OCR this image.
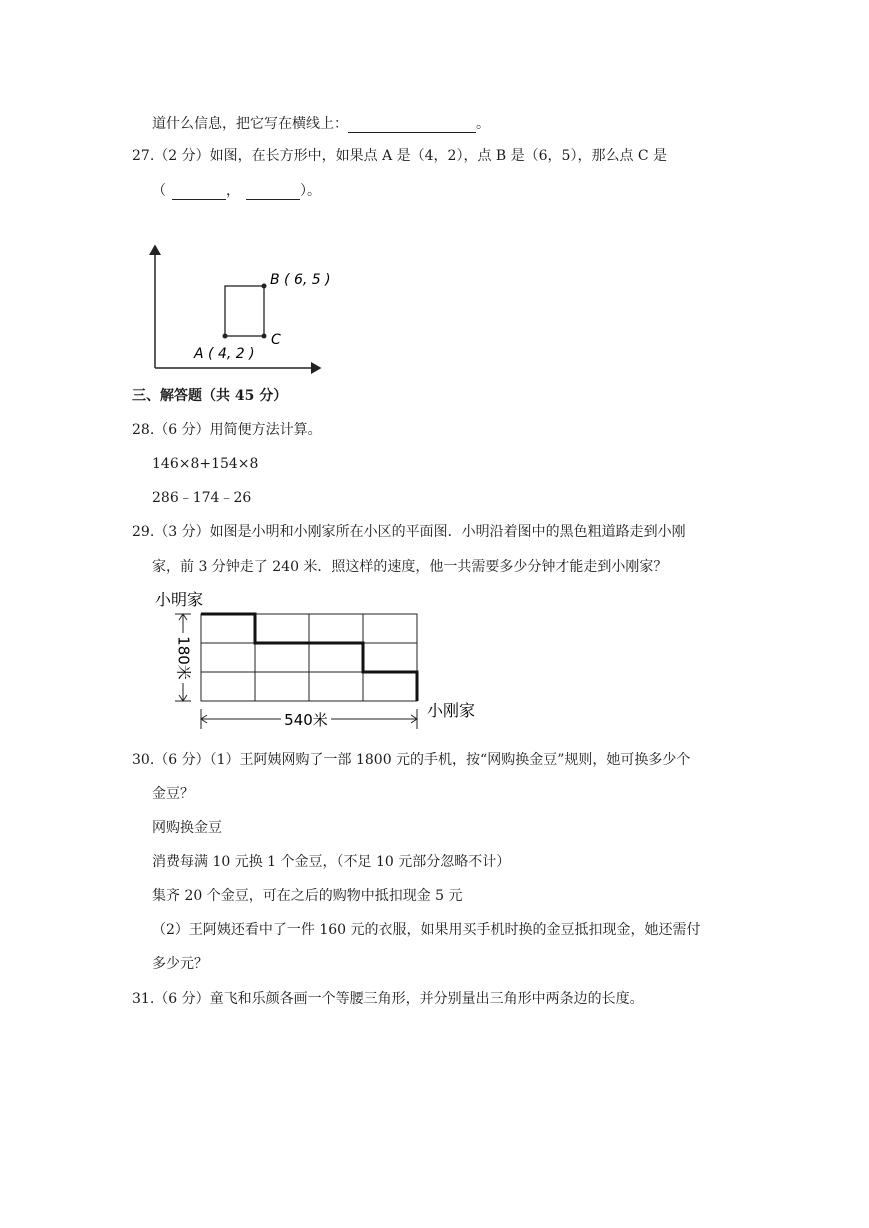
道什么信息，把它写在横线上：	。
27.（2 分）如图，在长方形中，如果点 A 是（4，2），点 B 是（6，5），那么点 C 是
（	，	）。
B ( 6, 5 )
C
A ( 4, 2 )
三、解答题（共 45 分）
28.（6 分）用简便方法计算。
146×8+154×8
286﹣174﹣26
29.（3 分）如图是小明和小刚家所在小区的平面图．小明沿着图中的黑色粗道路走到小刚
家，前 3 分钟走了 240 米．照这样的速度，他一共需要多少分钟才能走到小刚家？
小明家
180米
540米	小刚家
30.（6 分）（1）王阿姨网购了一部 1800 元的手机，按“网购换金豆”规则，她可换多少个
金豆？
网购换金豆
消费每满 10 元换 1 个金豆，（不足 10 元部分忽略不计）
集齐 20 个金豆，可在之后的购物中抵扣现金 5 元
（2）王阿姨还看中了一件 160 元的衣服，如果用买手机时换的金豆抵扣现金，她还需付
多少元？
31.（6 分）童飞和乐颜各画一个等腰三角形，并分别量出三角形中两条边的长度。
